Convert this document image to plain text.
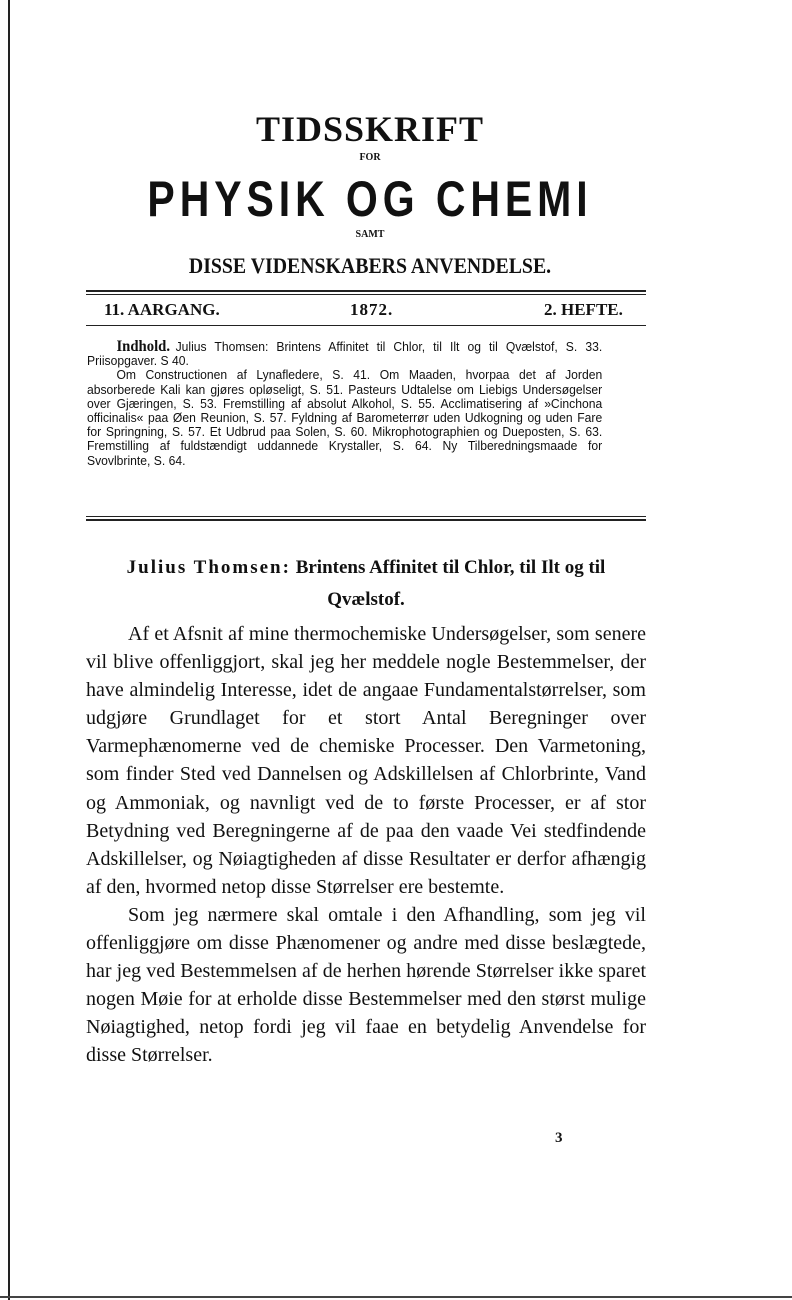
TIDSSKRIFT
FOR
PHYSIK OG CHEMI
SAMT
DISSE VIDENSKABERS ANVENDELSE.
11. AARGANG.	1872.	2. HEFTE.

Indhold. Julius Thomsen: Brintens Affinitet til Chlor, til Ilt og til Qvælstof, S. 33. Priisopgaver. S 40.

Om Constructionen af Lynafledere, S. 41. Om Maaden, hvorpaa det af Jorden absorberede Kali kan gjøres opløseligt, S. 51. Pasteurs Udtalelse om Liebigs Undersøgelser over Gjæringen, S. 53. Fremstilling af absolut Alkohol, S. 55. Acclimatisering af »Cinchona officinalis« paa Øen Reunion, S. 57. Fyldning af Barometerrør uden Udkogning og uden Fare for Springning, S. 57. Et Udbrud paa Solen, S. 60. Mikrophotographien og Dueposten, S. 63. Fremstilling af fuldstændigt uddannede Krystaller, S. 64. Ny Tilberedningsmaade for Svovlbrinte, S. 64.

Julius Thomsen: Brintens Affinitet til Chlor, til Ilt og til Qvælstof.

Af et Afsnit af mine thermochemiske Undersøgelser, som senere vil blive offenliggjort, skal jeg her meddele nogle Bestemmelser, der have almindelig Interesse, idet de angaae Fundamentalstørrelser, som udgjøre Grundlaget for et stort Antal Beregninger over Varmephænomerne ved de chemiske Processer. Den Varmetoning, som finder Sted ved Dannelsen og Adskillelsen af Chlorbrinte, Vand og Ammoniak, og navnligt ved de to første Processer, er af stor Betydning ved Beregningerne af de paa den vaade Vei stedfindende Adskillelser, og Nøiagtigheden af disse Resultater er derfor afhængig af den, hvormed netop disse Størrelser ere bestemte.

Som jeg nærmere skal omtale i den Afhandling, som jeg vil offenliggjøre om disse Phænomener og andre med disse beslægtede, har jeg ved Bestemmelsen af de herhen hørende Størrelser ikke sparet nogen Møie for at erholde disse Bestemmelser med den størst mulige Nøiagtighed, netop fordi jeg vil faae en betydelig Anvendelse for disse Størrelser.

3
